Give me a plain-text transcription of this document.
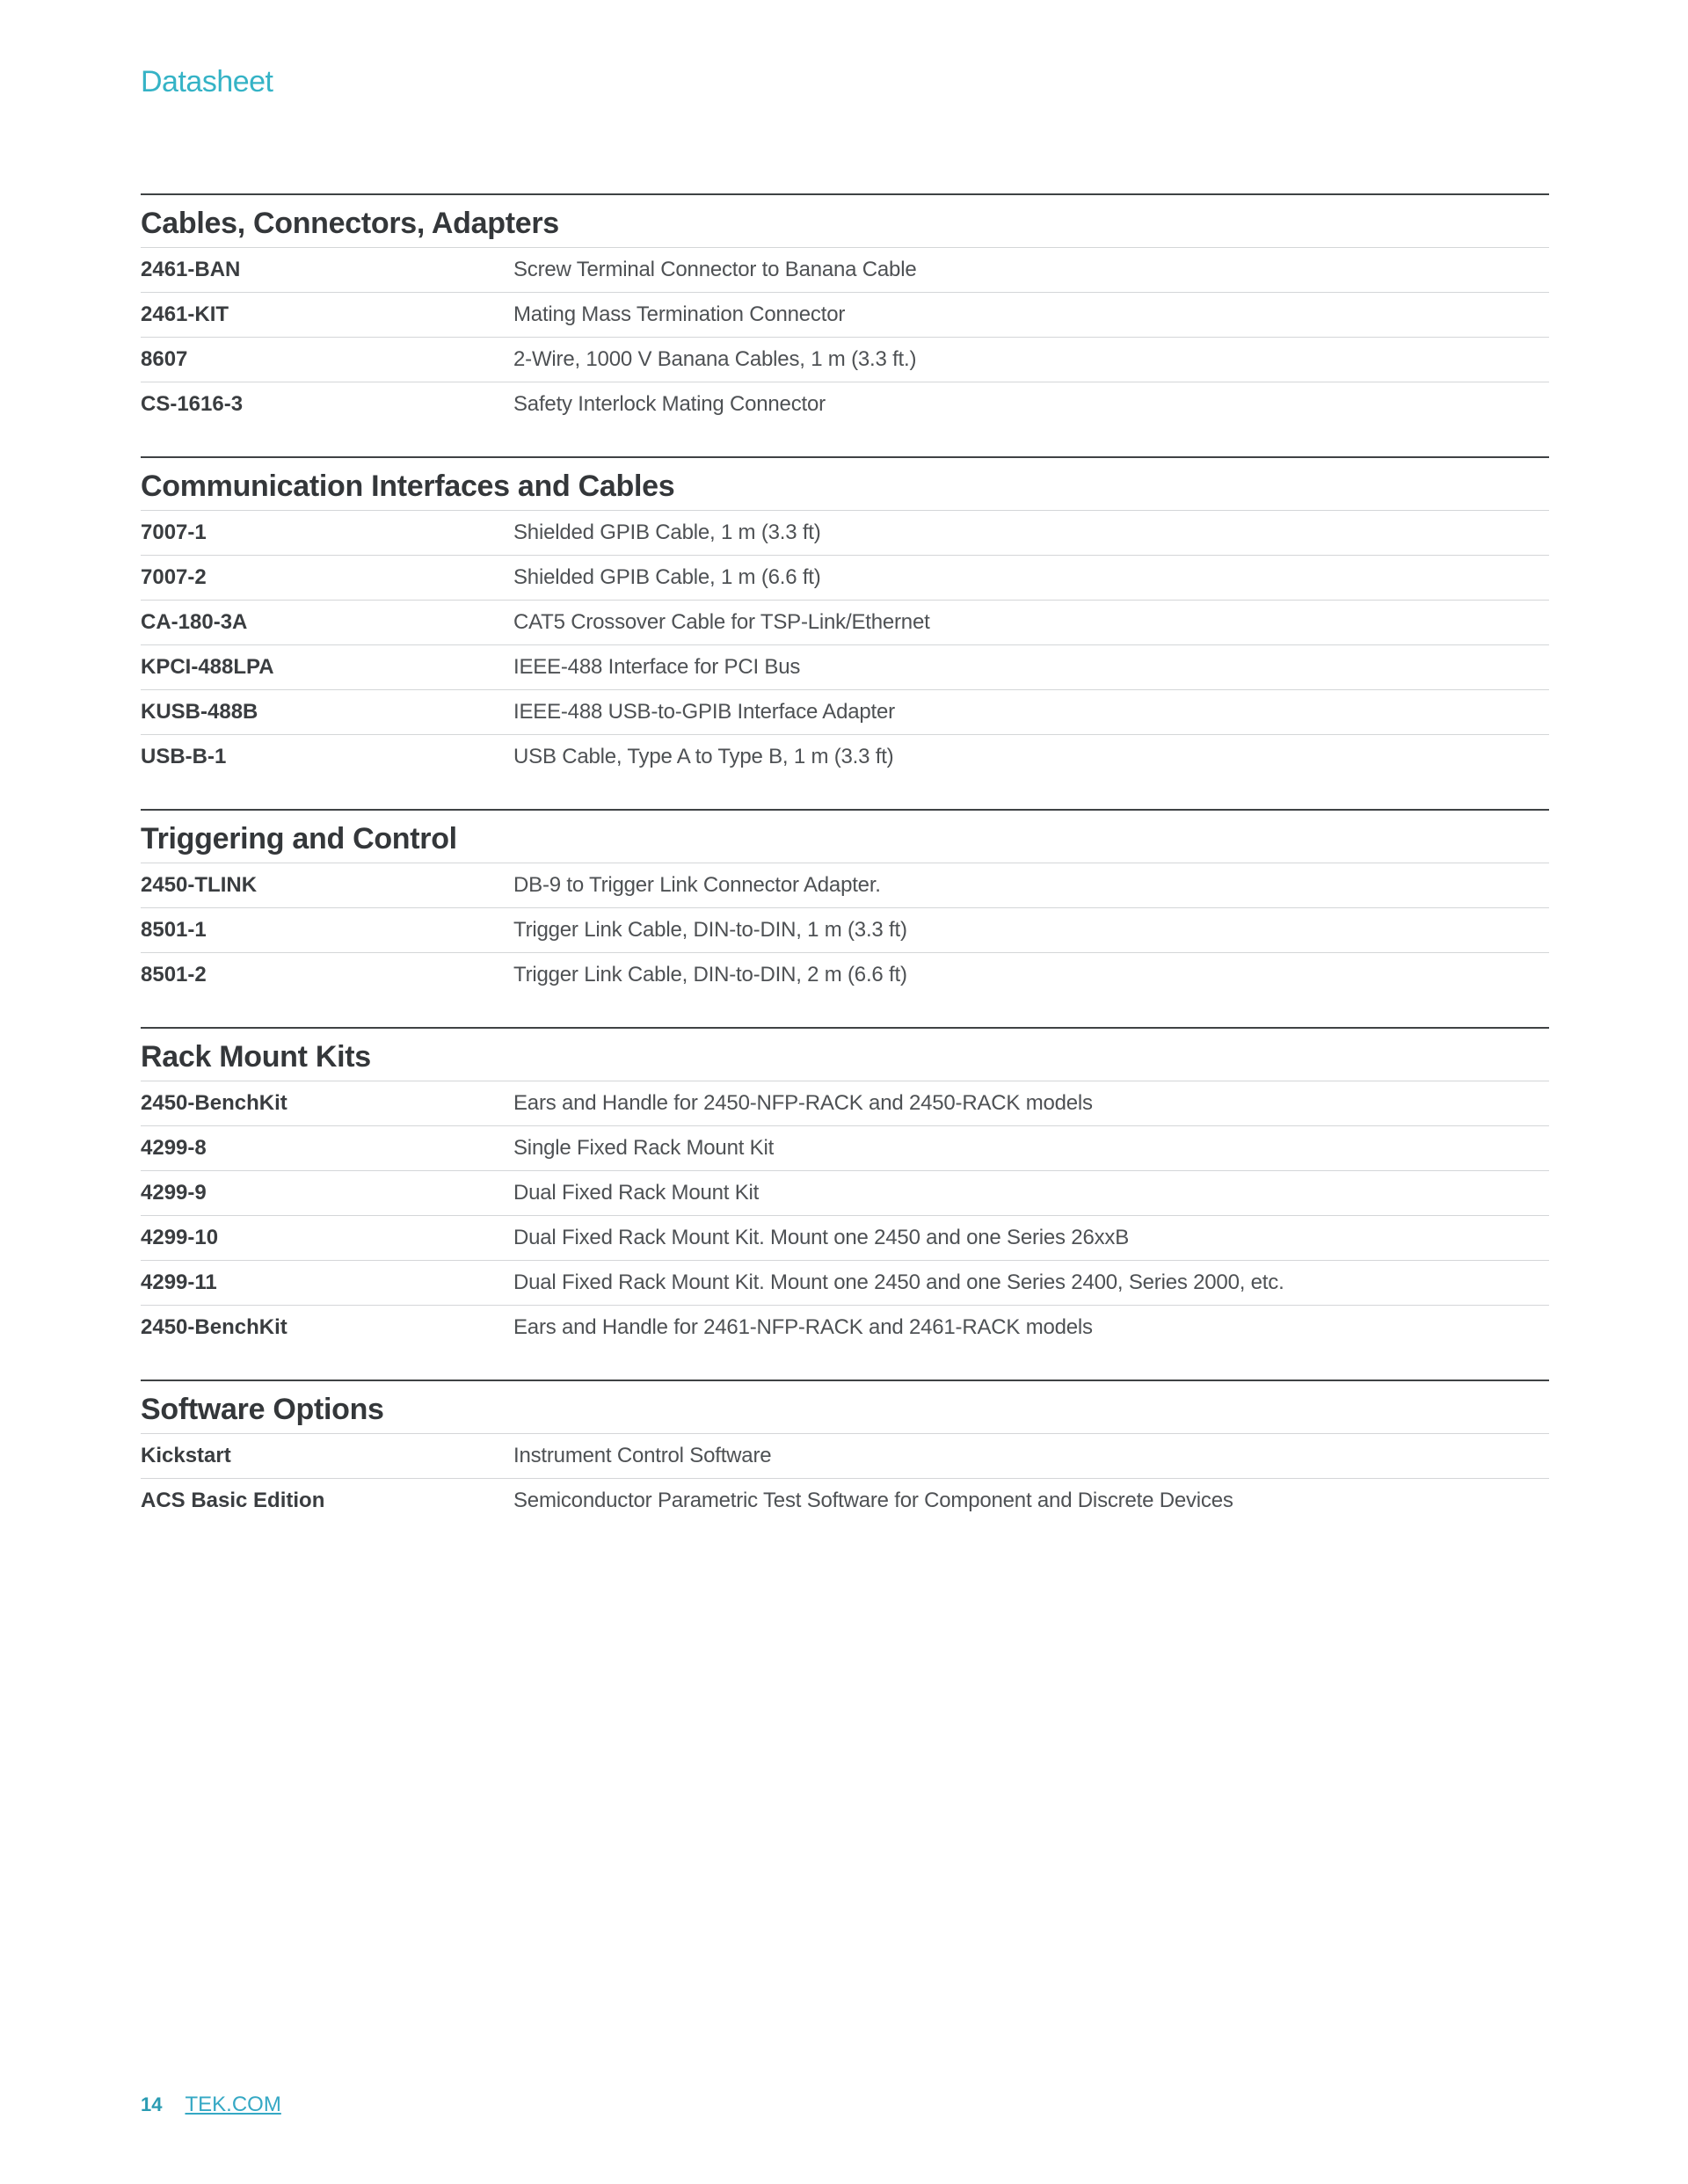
Datasheet
Cables, Connectors, Adapters
2461-BAN	Screw Terminal Connector to Banana Cable
2461-KIT	Mating Mass Termination Connector
8607	2-Wire, 1000 V Banana Cables, 1 m (3.3 ft.)
CS-1616-3	Safety Interlock Mating Connector
Communication Interfaces and Cables
7007-1	Shielded GPIB Cable, 1 m (3.3 ft)
7007-2	Shielded GPIB Cable, 1 m (6.6 ft)
CA-180-3A	CAT5 Crossover Cable for TSP-Link/Ethernet
KPCI-488LPA	IEEE-488 Interface for PCI Bus
KUSB-488B	IEEE-488 USB-to-GPIB Interface Adapter
USB-B-1	USB Cable, Type A to Type B, 1 m (3.3 ft)
Triggering and Control
2450-TLINK	DB-9 to Trigger Link Connector Adapter.
8501-1	Trigger Link Cable, DIN-to-DIN, 1 m (3.3 ft)
8501-2	Trigger Link Cable, DIN-to-DIN, 2 m (6.6 ft)
Rack Mount Kits
2450-BenchKit	Ears and Handle for 2450-NFP-RACK and 2450-RACK models
4299-8	Single Fixed Rack Mount Kit
4299-9	Dual Fixed Rack Mount Kit
4299-10	Dual Fixed Rack Mount Kit. Mount one 2450 and one Series 26xxB
4299-11	Dual Fixed Rack Mount Kit. Mount one 2450 and one Series 2400, Series 2000, etc.
2450-BenchKit	Ears and Handle for 2461-NFP-RACK and 2461-RACK models
Software Options
Kickstart	Instrument Control Software
ACS Basic Edition	Semiconductor Parametric Test Software for Component and Discrete Devices
14 TEK.COM
